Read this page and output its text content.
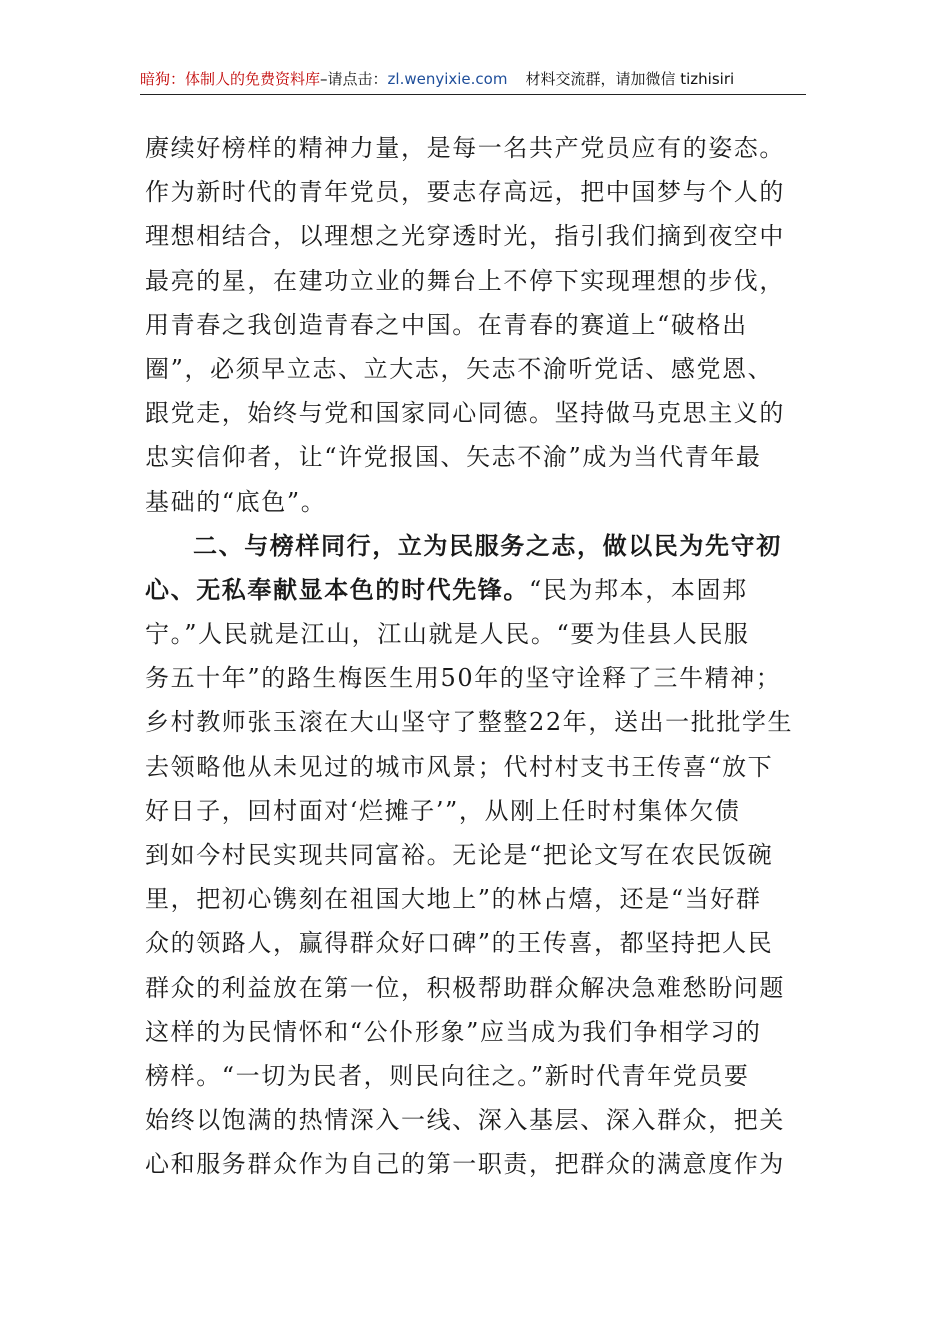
暗狗：体制人的免费资料库–请点击：zl.wenyixie.com 材料交流群，请加微信 tizhisiri
赓续好榜样的精神力量，是每一名共产党员应有的姿态。
作为新时代的青年党员，要志存高远，把中国梦与个人的
理想相结合，以理想之光穿透时光，指引我们摘到夜空中
最亮的星，在建功立业的舞台上不停下实现理想的步伐，
用青春之我创造青春之中国。在青春的赛道上“破格出
圈”，必须早立志、立大志，矢志不渝听党话、感党恩、
跟党走，始终与党和国家同心同德。坚持做马克思主义的
忠实信仰者，让“许党报国、矢志不渝”成为当代青年最
基础的“底色”。
二、与榜样同行，立为民服务之志，做以民为先守初
心、无私奉献显本色的时代先锋。“民为邦本，本固邦
宁。”人民就是江山，江山就是人民。“要为佳县人民服
务五十年”的路生梅医生用50年的坚守诠释了三牛精神；
乡村教师张玉滚在大山坚守了整整22年，送出一批批学生
去领略他从未见过的城市风景；代村村支书王传喜“放下
好日子，回村面对‘烂摊子’”，从刚上任时村集体欠债
到如今村民实现共同富裕。无论是“把论文写在农民饭碗
里，把初心镌刻在祖国大地上”的林占熺，还是“当好群
众的领路人，赢得群众好口碑”的王传喜，都坚持把人民
群众的利益放在第一位，积极帮助群众解决急难愁盼问题
这样的为民情怀和“公仆形象”应当成为我们争相学习的
榜样。“一切为民者，则民向往之。”新时代青年党员要
始终以饱满的热情深入一线、深入基层、深入群众，把关
心和服务群众作为自己的第一职责，把群众的满意度作为
